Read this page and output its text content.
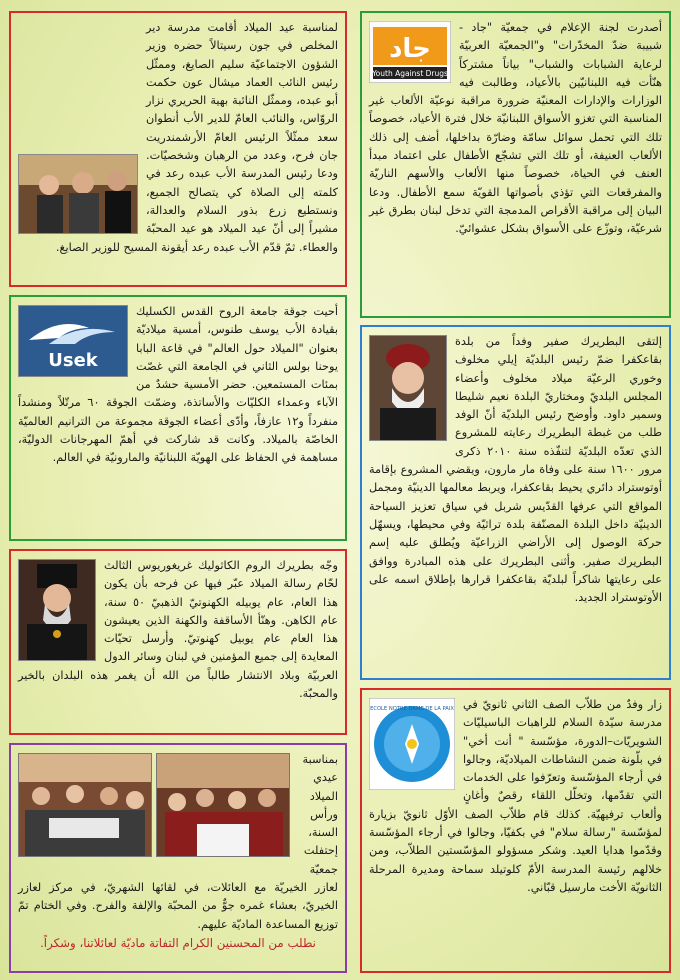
جاد
Youth Against Drugs

أصدرت لجنة الإعلام في جمعيّة "جاد - شبيبة ضدّ المخدّرات" و"الجمعيّة العربيّة لرعاية الشبابات والشباب" بياناً مشتركاً هنّأت فيه اللبنانيّين بالأعياد، وطالبت فيه الوزارات والإدارات المعنيّة ضرورة مراقبة نوعيّة الألعاب غير المناسبة التي تغزو الأسواق اللبنانيّة خلال فترة الأعياد، خصوصاً تلك التي تحمل سوائل سامّة وضارّة بداخلها، أضف إلى ذلك الألعاب العنيفة، أو تلك التي تشجّع الأطفال على اعتماد مبدأ العنف في الحياة، خصوصاً منها الألعاب والأسهم الناريّة والمفرقعات التي تؤذي بأصواتها القويّة سمع الأطفال. ودعا البيان إلى مراقبة الأقراص المدمجة التي تدخل لبنان بطرق غير شرعيّة، وتوزّع على الأسواق بشكل عشوائيّ.

لمناسبة عيد الميلاد أقامت مدرسة دير المخلص في جون رسيتالاً حضره وزير الشؤون الاجتماعيّة سليم الصايغ، وممثّل رئيس النائب العماد ميشال عون حكمت أبو عبده، وممثّل النائبة بهية الحريري نزار الروّاس، والنائب العامّ للدير الأب أنطوان سعد ممثّلاً الرئيس العامّ الأرشمندريت جان فرح، وعدد من الرهبان وشخصيّات. ودعا رئيس المدرسة الأب عبده رعد في كلمته إلى الصلاة كي يتصالح الجميع، ونستطيع زرع بذور السلام والعدالة، مشيراً إلى أنّ عيد الميلاد هو عيد المحبّة والعطاء. ثمّ قدّم الأب عبده رعد أيقونة المسيح للوزير الصايغ.

إلتقى البطريرك صفير وفداً من بلدة بقاعكفرا ضمّ رئيس البلديّة إيلي مخلوف وخوري الرعيّة ميلاد مخلوف وأعضاء المجلس البلديّ ومختاريّ البلدة نعيم شليطا وسمير داود. وأوضح رئيس البلديّة أنّ الوفد طلب من غبطة البطريرك رعايته للمشروع الذي تعدّه البلديّة لتنفّذه سنة ٢٠١٠ ذكرى مرور ١٦٠٠ سنة على وفاة مار مارون، ويقضي المشروع بإقامة أوتوستراد دائري يحيط بقاعكفرا، ويربط معالمها الدينيّة ومجمل المواقع التي عرفها القدّيس شربل في سياق تعزيز السياحة الدينيّة داخل البلدة المصنّفة بلدة تراثيّة وفي محيطها، ويسهّل حركة الوصول إلى الأراضي الزراعيّة ويُطلق عليه إسم البطريرك صفير. وأثنى البطريرك على هذه المبادرة ووافق على رعايتها شاكراً لبلديّة بقاعكفرا قرارها بإطلاق اسمه على الأوتوستراد الجديد.

Usek

أحيت جوقة جامعة الروح القدس الكسليك بقيادة الأب يوسف طنوس، أمسية ميلاديّة بعنوان "الميلاد حول العالم" في قاعة البابا يوحنا بولس الثاني في الجامعة التي غصّت بمئات المستمعين. حضر الأمسية حشدٌ من الآباء وعمداء الكليّات والأساتذة، وضمّت الجوقة ٦٠ مرتّلاً ومنشداً منفرداً و١٢ عازفاً، وأدّى أعضاء الجوقة مجموعة من الترانيم العالميّة الخاصّة بالميلاد. وكانت قد شاركت في أهمّ المهرجانات الدوليّة، مساهمة في الحفاظ على الهويّة اللبنانيّة والمارونيّة في العالم.

وجّه بطريرك الروم الكاثوليك غريغوريوس الثالث لحّام رسالة الميلاد عبّر فيها عن فرحه بأن يكون هذا العام، عام يوبيله الكهنوتيّ الذهبيّ ٥٠ سنة، عام الكاهن. وهنّأ الأساقفة والكهنة الذين يعيشون هذا العام عام يوبيل كهنوتيّ. وأرسل تحيّات المعايدة إلى جميع المؤمنين في لبنان وسائر الدول العربيّة وبلاد الانتشار طالباً من الله أن يغمر هذه البلدان بالخير والمحبّة.

ECOLE NOTRE DAME DE LA PAIX زار وفدٌ من طلاّب الصف الثاني ثانويّ في مدرسة سيّدة السلام للراهبات الباسيليّات الشويريّات–الدورة، مؤسّسة " أنت أخي" في بلّونة ضمن النشاطات الميلاديّة، وجالوا في أرجاء المؤسّسة وتعرّفوا على الخدمات التي تقدّمها، وتخلّل اللقاء رقصٌ وأغانٍ وألعاب ترفيهيّة. كذلك قام طلاّب الصف الأوّل ثانويّ بزيارة لمؤسّسة "رسالة سلام" في بكفيّا، وجالوا في أرجاء المؤسّسة وقدّموا هدايا العيد. وشكر مسؤولو المؤسّستين الطلاّب، ومن خلالهم رئيسة المدرسة الأمّ كلوتيلد سماحة ومديرة المرحلة الثانويّة الأخت مارسيل قبّاني.

بمناسبة عيدي الميلاد ورأس السنة، إحتفلت جمعيّة لعازر الخيريّة مع العائلات، في لقائها الشهريّ، في مركز لعازر الخيريّ، بعشاء غمره جوٌّ من المحبّة والإلفة والفرح. وفي الختام تمّ توزيع المساعدة الماديّة عليهم.

نطلب من المحسنين الكرام التفاتة ماديّة لعائلاتنا، وشكراً.
